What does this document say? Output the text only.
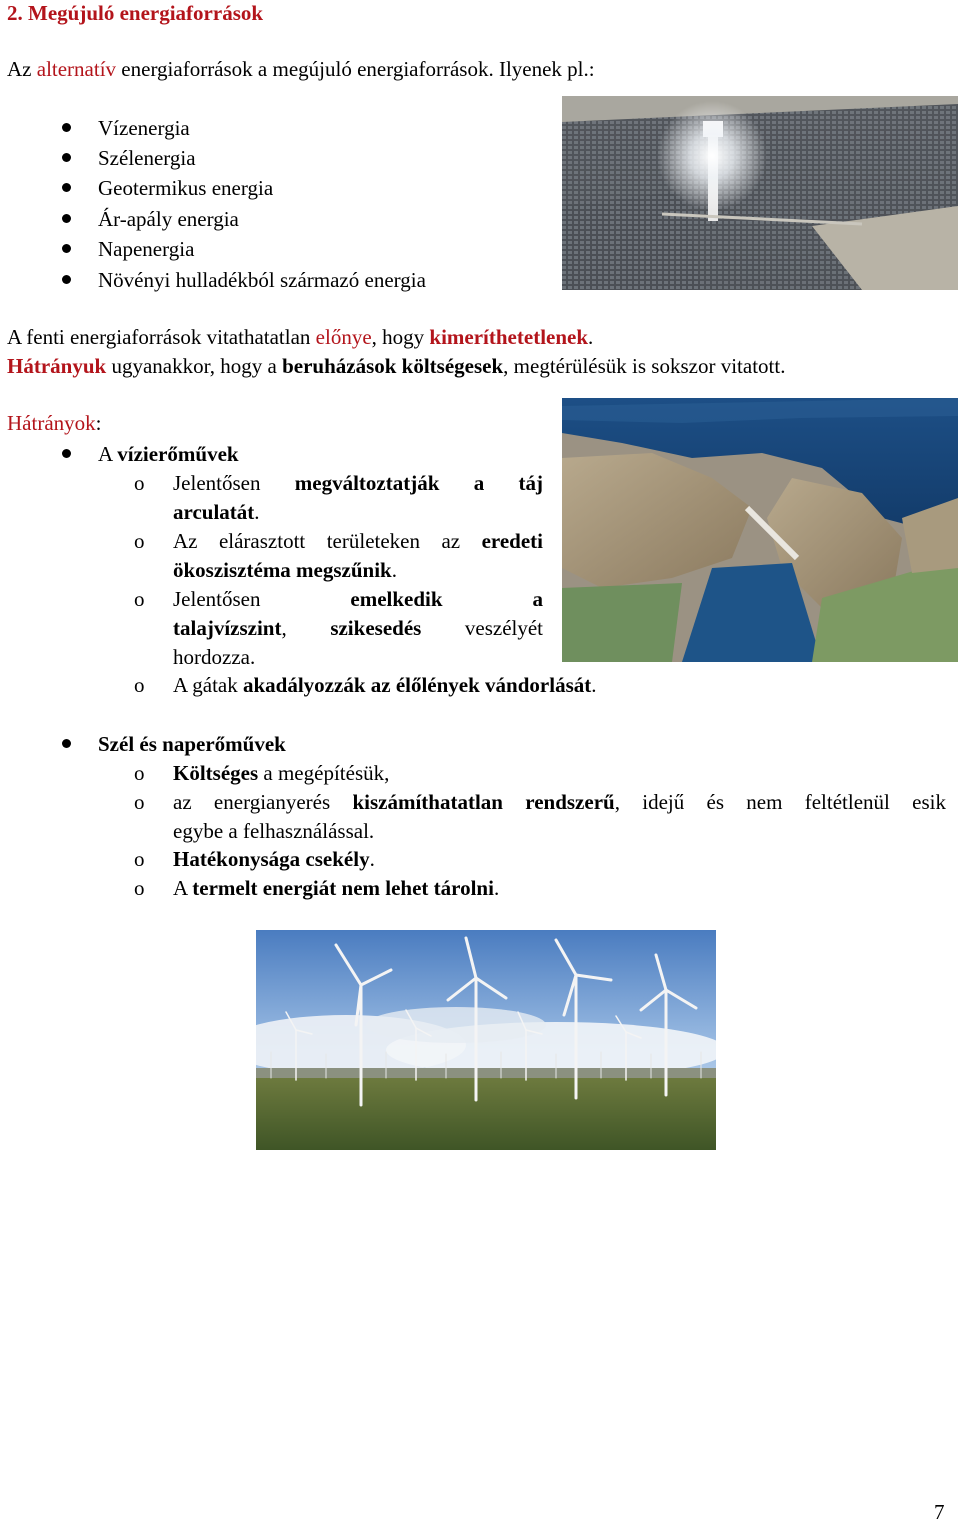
2. Megújuló energiaforrások
Az alternatív energiaforrások a megújuló energiaforrások. Ilyenek pl.:
Vízenergia
Szélenergia
Geotermikus energia
Ár-apály energia
Napenergia
Növényi hulladékból származó energia
A fenti energiaforrások vitathatatlan előnye, hogy kimeríthetetlenek.
Hátrányuk ugyanakkor, hogy a beruházások költségesek, megtérülésük is sokszor vitatott.
Hátrányok:
A vízierőművek
o Jelentősen megváltoztatják a táj
arculatát.
o Az elárasztott területeken az eredeti
ökoszisztéma megszűnik.
o Jelentősen emelkedik a
talajvízszint, szikesedés veszélyét
hordozza.
o A gátak akadályozzák az élőlények vándorlását.
Szél és naperőművek
o Költséges a megépítésük,
o az energianyerés kiszámíthatatlan rendszerű, idejű és nem feltétlenül esik
egybe a felhasználással.
o Hatékonysága csekély.
o A termelt energiát nem lehet tárolni.
7
